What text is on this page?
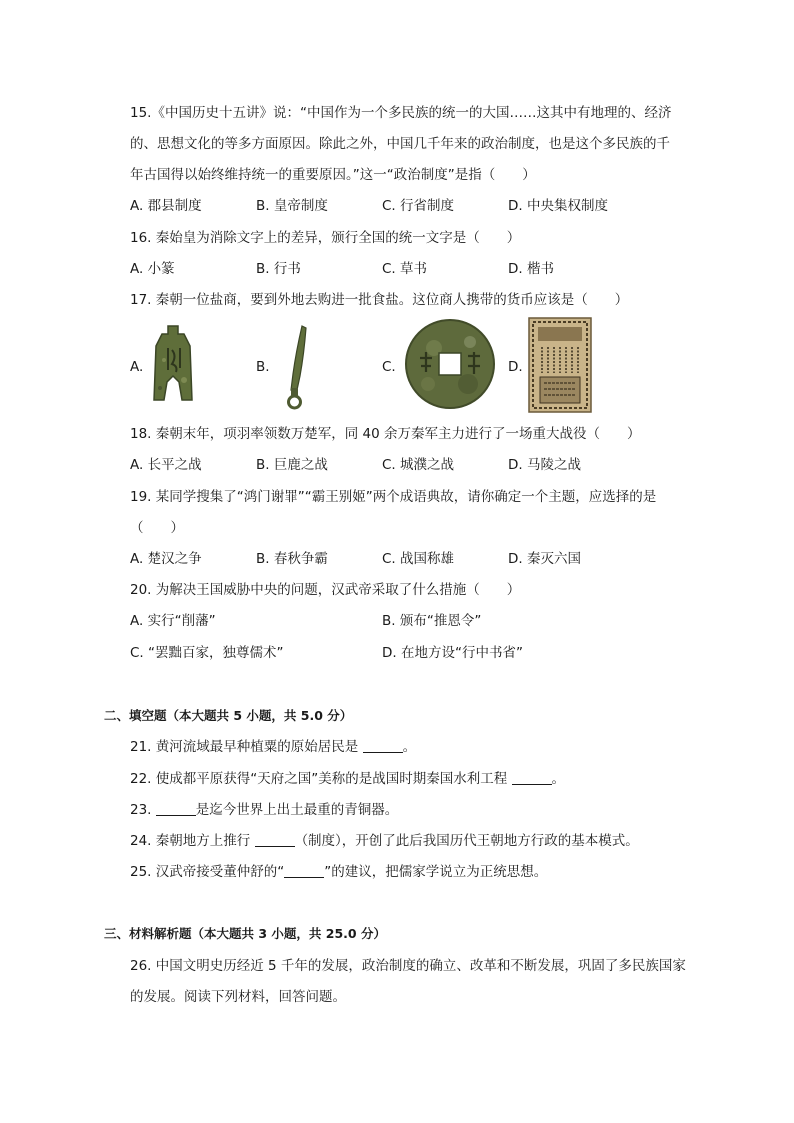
15.《中国历史十五讲》说：“中国作为一个多民族的统一的大国……这其中有地理的、经济
的、思想文化的等多方面原因。除此之外，中国几千年来的政治制度，也是这个多民族的千
年古国得以始终维持统一的重要原因。”这一“政治制度”是指（　　）
A. 郡县制度	B. 皇帝制度	C. 行省制度	D. 中央集权制度
16. 秦始皇为消除文字上的差异，颁行全国的统一文字是（　　）
A. 小篆	B. 行书	C. 草书	D. 楷书
17. 秦朝一位盐商，要到外地去购进一批食盐。这位商人携带的货币应该是（　　）
A.	B.	C.	D.
18. 秦朝末年，项羽率领数万楚军，同 40 余万秦军主力进行了一场重大战役（　　）
A. 长平之战	B. 巨鹿之战	C. 城濮之战	D. 马陵之战
19. 某同学搜集了“鸿门谢罪”“霸王别姬”两个成语典故，请你确定一个主题，应选择的是
（　　）
A. 楚汉之争	B. 春秋争霸	C. 战国称雄	D. 秦灭六国
20. 为解决王国威胁中央的问题，汉武帝采取了什么措施（　　）
A. 实行“削藩”	B. 颁布“推恩令”
C. “罢黜百家，独尊儒术”	D. 在地方设“行中书省”
二、填空题（本大题共 5 小题，共 5.0 分）
21. 黄河流域最早种植粟的原始居民是	。
22. 使成都平原获得“天府之国”美称的是战国时期秦国水利工程	。
23.	是迄今世界上出土最重的青铜器。
24. 秦朝地方上推行	（制度），开创了此后我国历代王朝地方行政的基本模式。
25. 汉武帝接受董仲舒的“	”的建议，把儒家学说立为正统思想。
三、材料解析题（本大题共 3 小题，共 25.0 分）
26. 中国文明史历经近 5 千年的发展，政治制度的确立、改革和不断发展，巩固了多民族国家
的发展。阅读下列材料，回答问题。
